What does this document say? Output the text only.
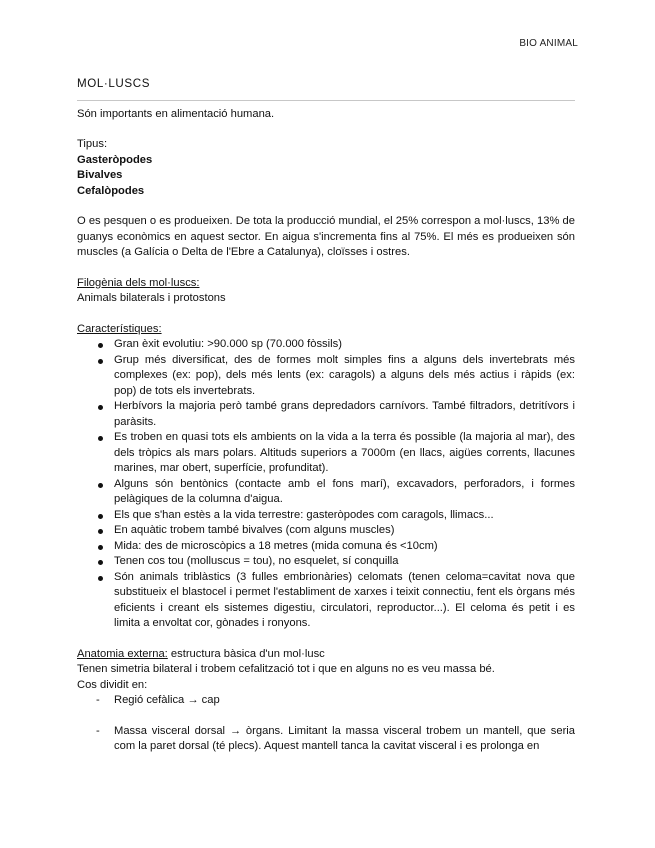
BIO ANIMAL
MOL·LUSCS

Són importants en alimentació humana.

Tipus:

Gasteròpodes

Bivalves

Cefalòpodes

O es pesquen o es produeixen. De tota la producció mundial, el 25% correspon a mol·luscs, 13% de guanys econòmics en aquest sector. En aigua s'incrementa fins al 75%. El més es produeixen són muscles (a Galícia o Delta de l'Ebre a Catalunya), cloïsses i ostres.

Filogènia dels mol·luscs:

Animals bilaterals i protostons

Característiques:

Gran èxit evolutiu: >90.000 sp (70.000 fòssils)
Grup més diversificat, des de formes molt simples fins a alguns dels invertebrats més complexes (ex: pop), dels més lents (ex: caragols) a alguns dels més actius i ràpids (ex: pop) de tots els invertebrats.
Herbívors la majoria però també grans depredadors carnívors. També filtradors, detritívors i paràsits.
Es troben en quasi tots els ambients on la vida a la terra és possible (la majoria al mar), des dels tròpics als mars polars. Altituds superiors a 7000m (en llacs, aigües corrents, llacunes marines, mar obert, superfície, profunditat).
Alguns són bentònics (contacte amb el fons marí), excavadors, perforadors, i formes pelàgiques de la columna d'aigua.
Els que s'han estès a la vida terrestre: gasteròpodes com caragols, llimacs...
En aquàtic trobem també bivalves (com alguns muscles)
Mida: des de microscòpics a 18 metres (mida comuna és <10cm)
Tenen cos tou (molluscus = tou), no esquelet, sí conquilla
Són animals triblàstics (3 fulles embrionàries) celomats (tenen celoma=cavitat nova que substitueix el blastocel i permet l'establiment de xarxes i teixit connectiu, fent els òrgans més eficients i creant els sistemes digestiu, circulatori, reproductor...). El celoma és petit i es limita a envoltat cor, gònades i ronyons.

Anatomia externa: estructura bàsica d'un mol·lusc

Tenen simetria bilateral i trobem cefalització tot i que en alguns no es veu massa bé.

Cos dividit en:

- Regió cefàlica → cap
- Massa visceral dorsal → òrgans. Limitant la massa visceral trobem un mantell, que seria com la paret dorsal (té plecs). Aquest mantell tanca la cavitat visceral i es prolonga en
